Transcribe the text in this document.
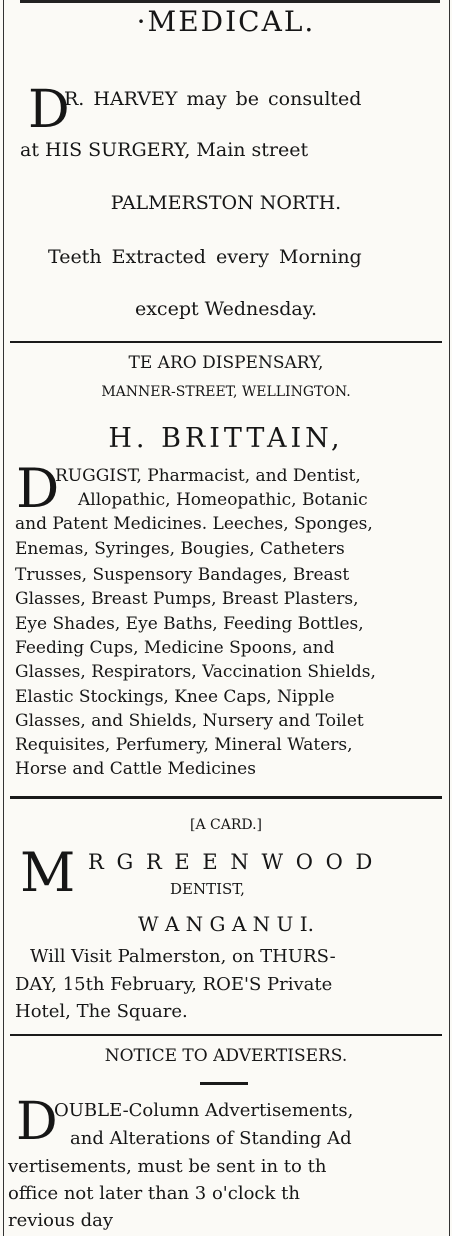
·MEDICAL.
D
R. HARVEY may be consulted
at HIS SURGERY, Main street
PALMERSTON NORTH.
Teeth Extracted every Morning
except Wednesday.
TE ARO DISPENSARY,
MANNER-STREET, WELLINGTON.
H. BRITTAIN,
D
RUGGIST, Pharmacist, and Dentist,
Allopathic, Homeopathic, Botanic
and Patent Medicines. Leeches, Sponges,
Enemas, Syringes, Bougies, Catheters
Trusses, Suspensory Bandages, Breast
Glasses, Breast Pumps, Breast Plasters,
Eye Shades, Eye Baths, Feeding Bottles,
Feeding Cups, Medicine Spoons, and
Glasses, Respirators, Vaccination Shields,
Elastic Stockings, Knee Caps, Nipple
Glasses, and Shields, Nursery and Toilet
Requisites, Perfumery, Mineral Waters,
Horse and Cattle Medicines
[A CARD.]
M R G R E E N W O O D
DENTIST,
W A N G A N U I.
Will Visit Palmerston, on THURS-
DAY, 15th February, ROE'S Private
Hotel, The Square.
NOTICE TO ADVERTISERS.
D
OUBLE-Column Advertisements,
and Alterations of Standing Ad
vertisements, must be sent in to th
office not later than 3 o'clock th
revious day
